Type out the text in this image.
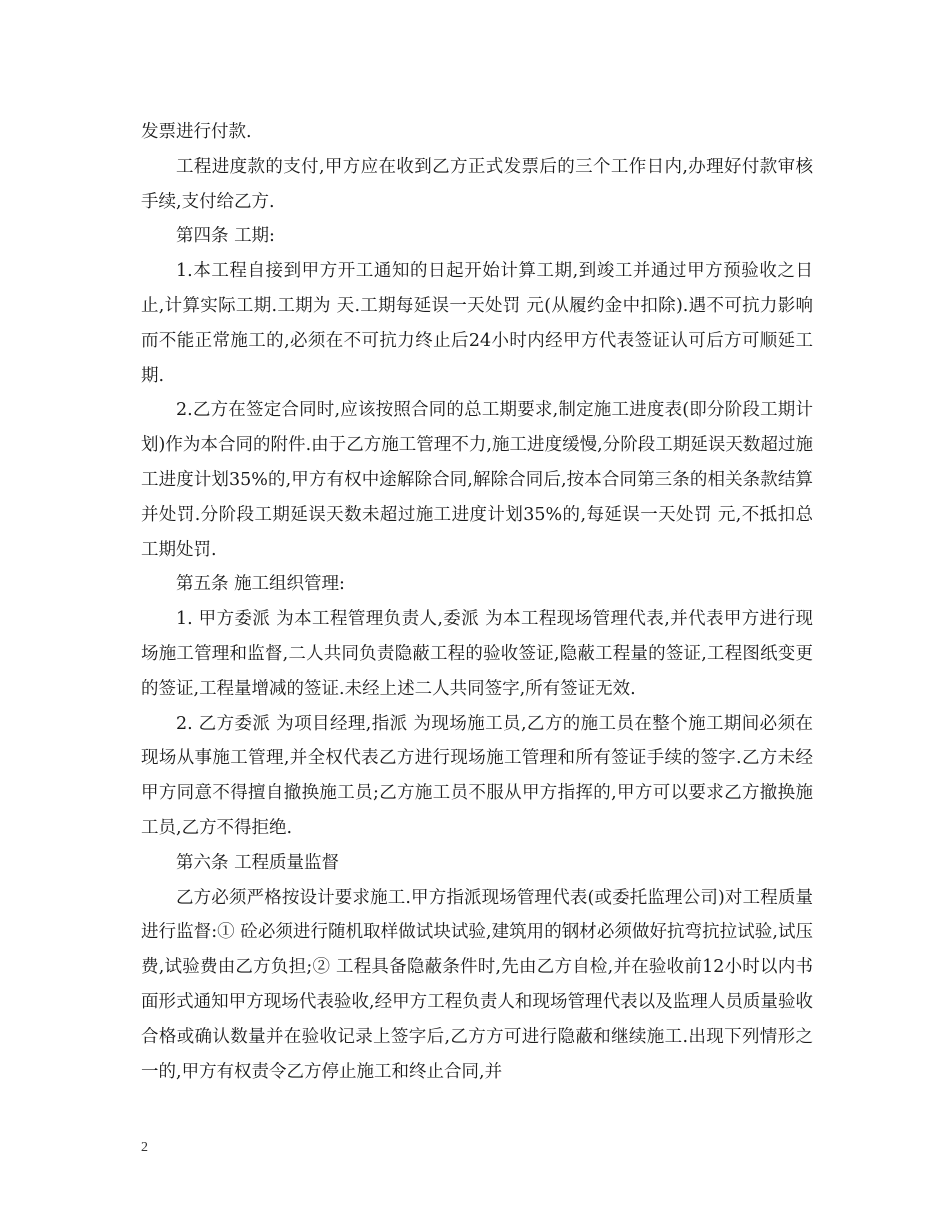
发票进行付款.

工程进度款的支付,甲方应在收到乙方正式发票后的三个工作日内,办理好付款审核手续,支付给乙方.

第四条 工期:

1.本工程自接到甲方开工通知的日起开始计算工期,到竣工并通过甲方预验收之日止,计算实际工期.工期为 天.工期每延误一天处罚 元(从履约金中扣除).遇不可抗力影响而不能正常施工的,必须在不可抗力终止后24小时内经甲方代表签证认可后方可顺延工期.

2.乙方在签定合同时,应该按照合同的总工期要求,制定施工进度表(即分阶段工期计划)作为本合同的附件.由于乙方施工管理不力,施工进度缓慢,分阶段工期延误天数超过施工进度计划35%的,甲方有权中途解除合同,解除合同后,按本合同第三条的相关条款结算并处罚.分阶段工期延误天数未超过施工进度计划35%的,每延误一天处罚 元,不抵扣总工期处罚.

第五条 施工组织管理:

1. 甲方委派 为本工程管理负责人,委派 为本工程现场管理代表,并代表甲方进行现场施工管理和监督,二人共同负责隐蔽工程的验收签证,隐蔽工程量的签证,工程图纸变更的签证,工程量增减的签证.未经上述二人共同签字,所有签证无效.

2. 乙方委派 为项目经理,指派 为现场施工员,乙方的施工员在整个施工期间必须在现场从事施工管理,并全权代表乙方进行现场施工管理和所有签证手续的签字.乙方未经甲方同意不得擅自撤换施工员;乙方施工员不服从甲方指挥的,甲方可以要求乙方撤换施工员,乙方不得拒绝.

第六条 工程质量监督

乙方必须严格按设计要求施工.甲方指派现场管理代表(或委托监理公司)对工程质量进行监督:① 砼必须进行随机取样做试块试验,建筑用的钢材必须做好抗弯抗拉试验,试压费,试验费由乙方负担;② 工程具备隐蔽条件时,先由乙方自检,并在验收前12小时以内书面形式通知甲方现场代表验收,经甲方工程负责人和现场管理代表以及监理人员质量验收合格或确认数量并在验收记录上签字后,乙方方可进行隐蔽和继续施工.出现下列情形之一的,甲方有权责令乙方停止施工和终止合同,并

2
